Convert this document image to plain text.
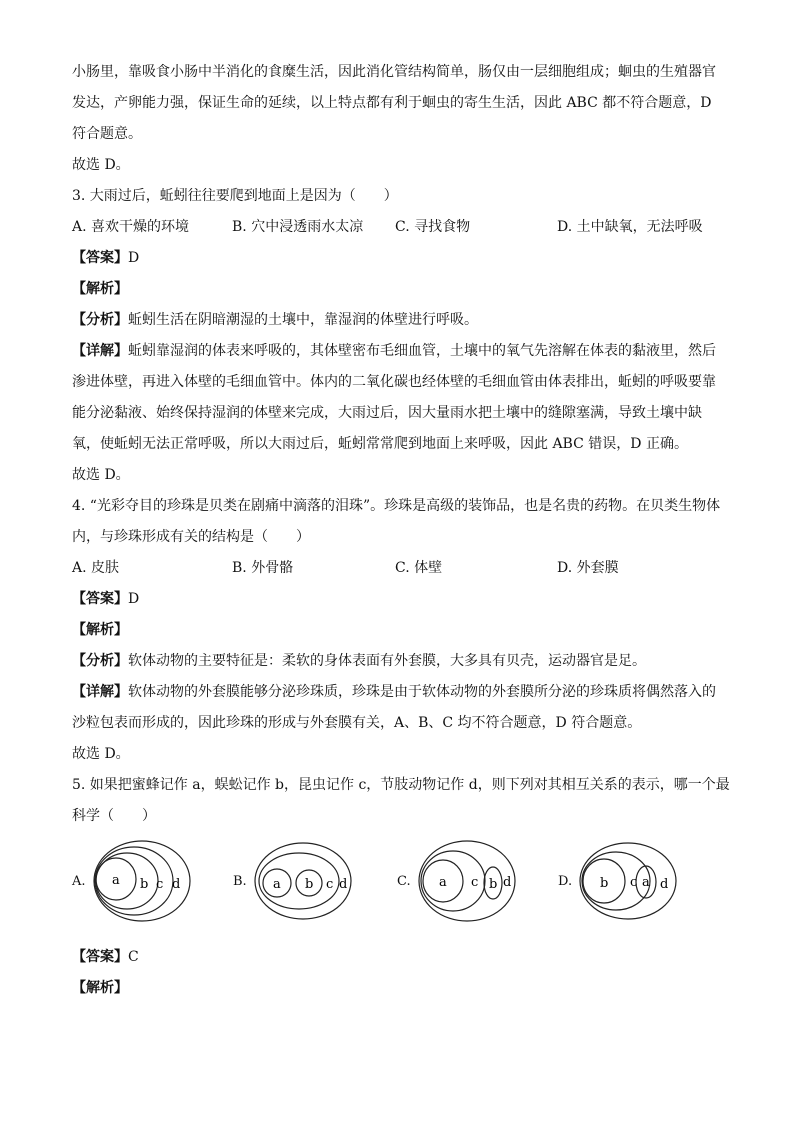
小肠里，靠吸食小肠中半消化的食糜生活，因此消化管结构简单，肠仅由一层细胞组成；蛔虫的生殖器官
发达，产卵能力强，保证生命的延续，以上特点都有利于蛔虫的寄生生活，因此 ABC 都不符合题意，D
符合题意。
故选 D。
3. 大雨过后，蚯蚓往往要爬到地面上是因为（　　）
A. 喜欢干燥的环境	B. 穴中浸透雨水太凉	C. 寻找食物	D. 土中缺氧，无法呼吸
【答案】D
【解析】
【分析】蚯蚓生活在阴暗潮湿的土壤中，靠湿润的体壁进行呼吸。
【详解】蚯蚓靠湿润的体表来呼吸的，其体壁密布毛细血管，土壤中的氧气先溶解在体表的黏液里，然后
渗进体壁，再进入体壁的毛细血管中。体内的二氧化碳也经体壁的毛细血管由体表排出，蚯蚓的呼吸要靠
能分泌黏液、始终保持湿润的体壁来完成，大雨过后，因大量雨水把土壤中的缝隙塞满，导致土壤中缺
氧，使蚯蚓无法正常呼吸，所以大雨过后，蚯蚓常常爬到地面上来呼吸，因此 ABC 错误，D 正确。
故选 D。
4. “光彩夺目的珍珠是贝类在剧痛中滴落的泪珠”。珍珠是高级的装饰品，也是名贵的药物。在贝类生物体
内，与珍珠形成有关的结构是（　　）
A. 皮肤	B. 外骨骼	C. 体壁	D. 外套膜
【答案】D
【解析】
【分析】软体动物的主要特征是：柔软的身体表面有外套膜，大多具有贝壳，运动器官是足。
【详解】软体动物的外套膜能够分泌珍珠质，珍珠是由于软体动物的外套膜所分泌的珍珠质将偶然落入的
沙粒包表而形成的，因此珍珠的形成与外套膜有关，A、B、C 均不符合题意，D 符合题意。
故选 D。
5. 如果把蜜蜂记作 a，蜈蚣记作 b，昆虫记作 c，节肢动物记作 d，则下列对其相互关系的表示，哪一个最
科学（　　）
A. a b c d	B. a b c d	C. a c b d	D. b c a d
【答案】C
【解析】
